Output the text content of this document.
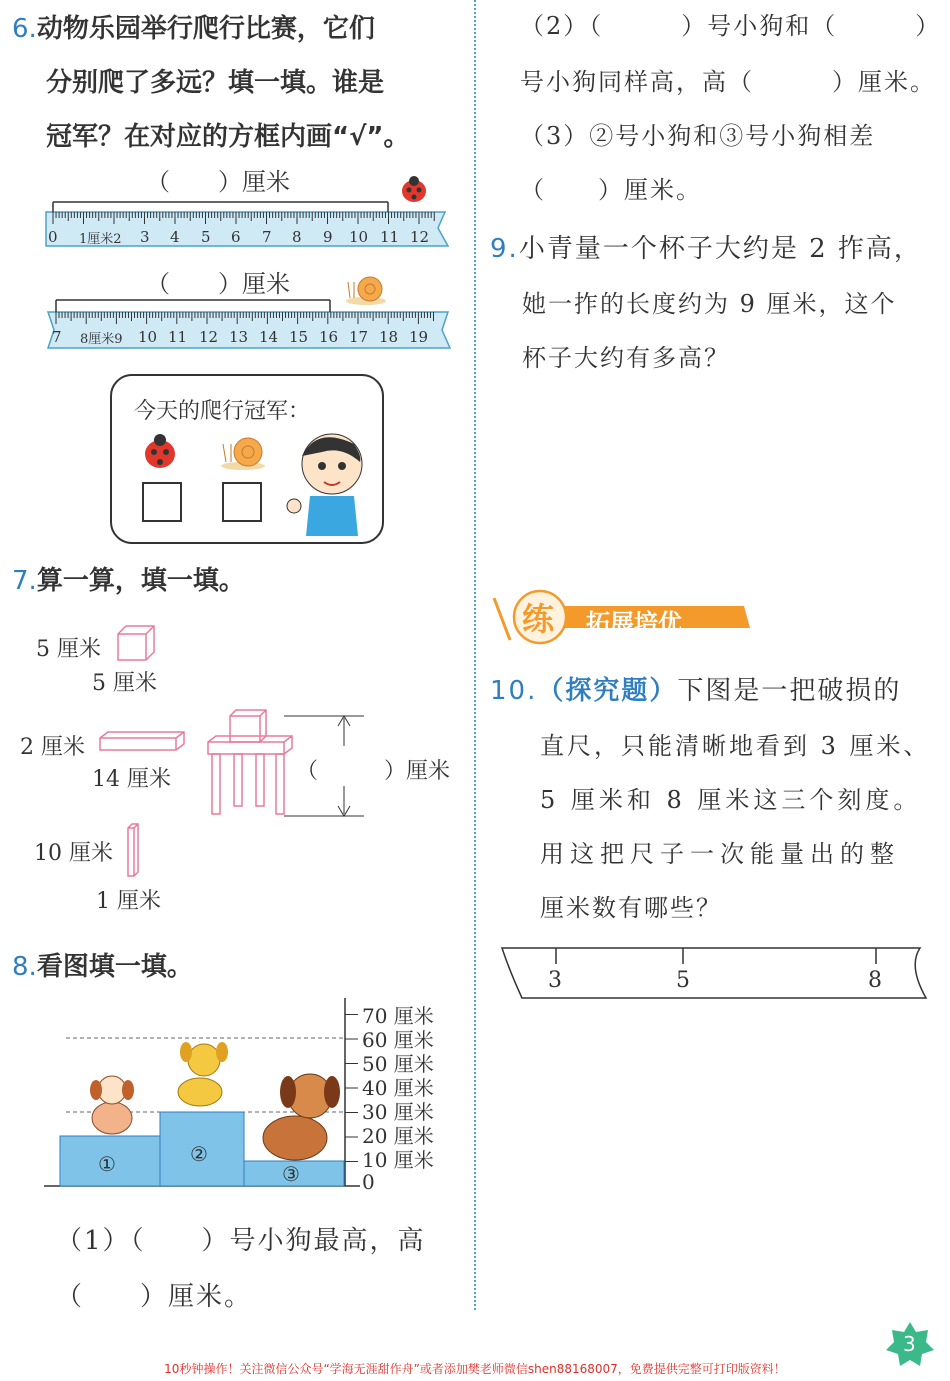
6.动物乐园举行爬行比赛，它们
分别爬了多远？填一填。谁是
冠军？在对应的方框内画“√”。
（　　）厘米
0 1厘米2 3 4 5 6 7 8 9 10 11 12
（　　）厘米
7 8厘米9 10 11 12 13 14 15 16 17 18 19
今天的爬行冠军：
7.算一算，填一填。
5 厘米
5 厘米
2 厘米
14 厘米	（　　　）厘米
10 厘米
1 厘米
8.看图填一填。
①	②
③
70 厘米
60 厘米
50 厘米
40 厘米
30 厘米
20 厘米
10 厘米
0
（1）（　　）号小狗最高，高
（　　）厘米。
（2）（　　　）号小狗和（　　　）
号小狗同样高，高（　　　）厘米。
（3）②号小狗和③号小狗相差
（　　）厘米。
9.小青量一个杯子大约是 2 拃高，
她一拃的长度约为 9 厘米，这个
杯子大约有多高？
练 拓展培优
10.（探究题）下图是一把破损的
直尺，只能清晰地看到 3 厘米、
5 厘米和 8 厘米这三个刻度。
用这把尺子一次能量出的整
厘米数有哪些？
3	5	8
3
10秒钟操作！关注微信公众号“学海无涯甜作舟”或者添加樊老师微信shen88168007，免费提供完整可打印版资料！
